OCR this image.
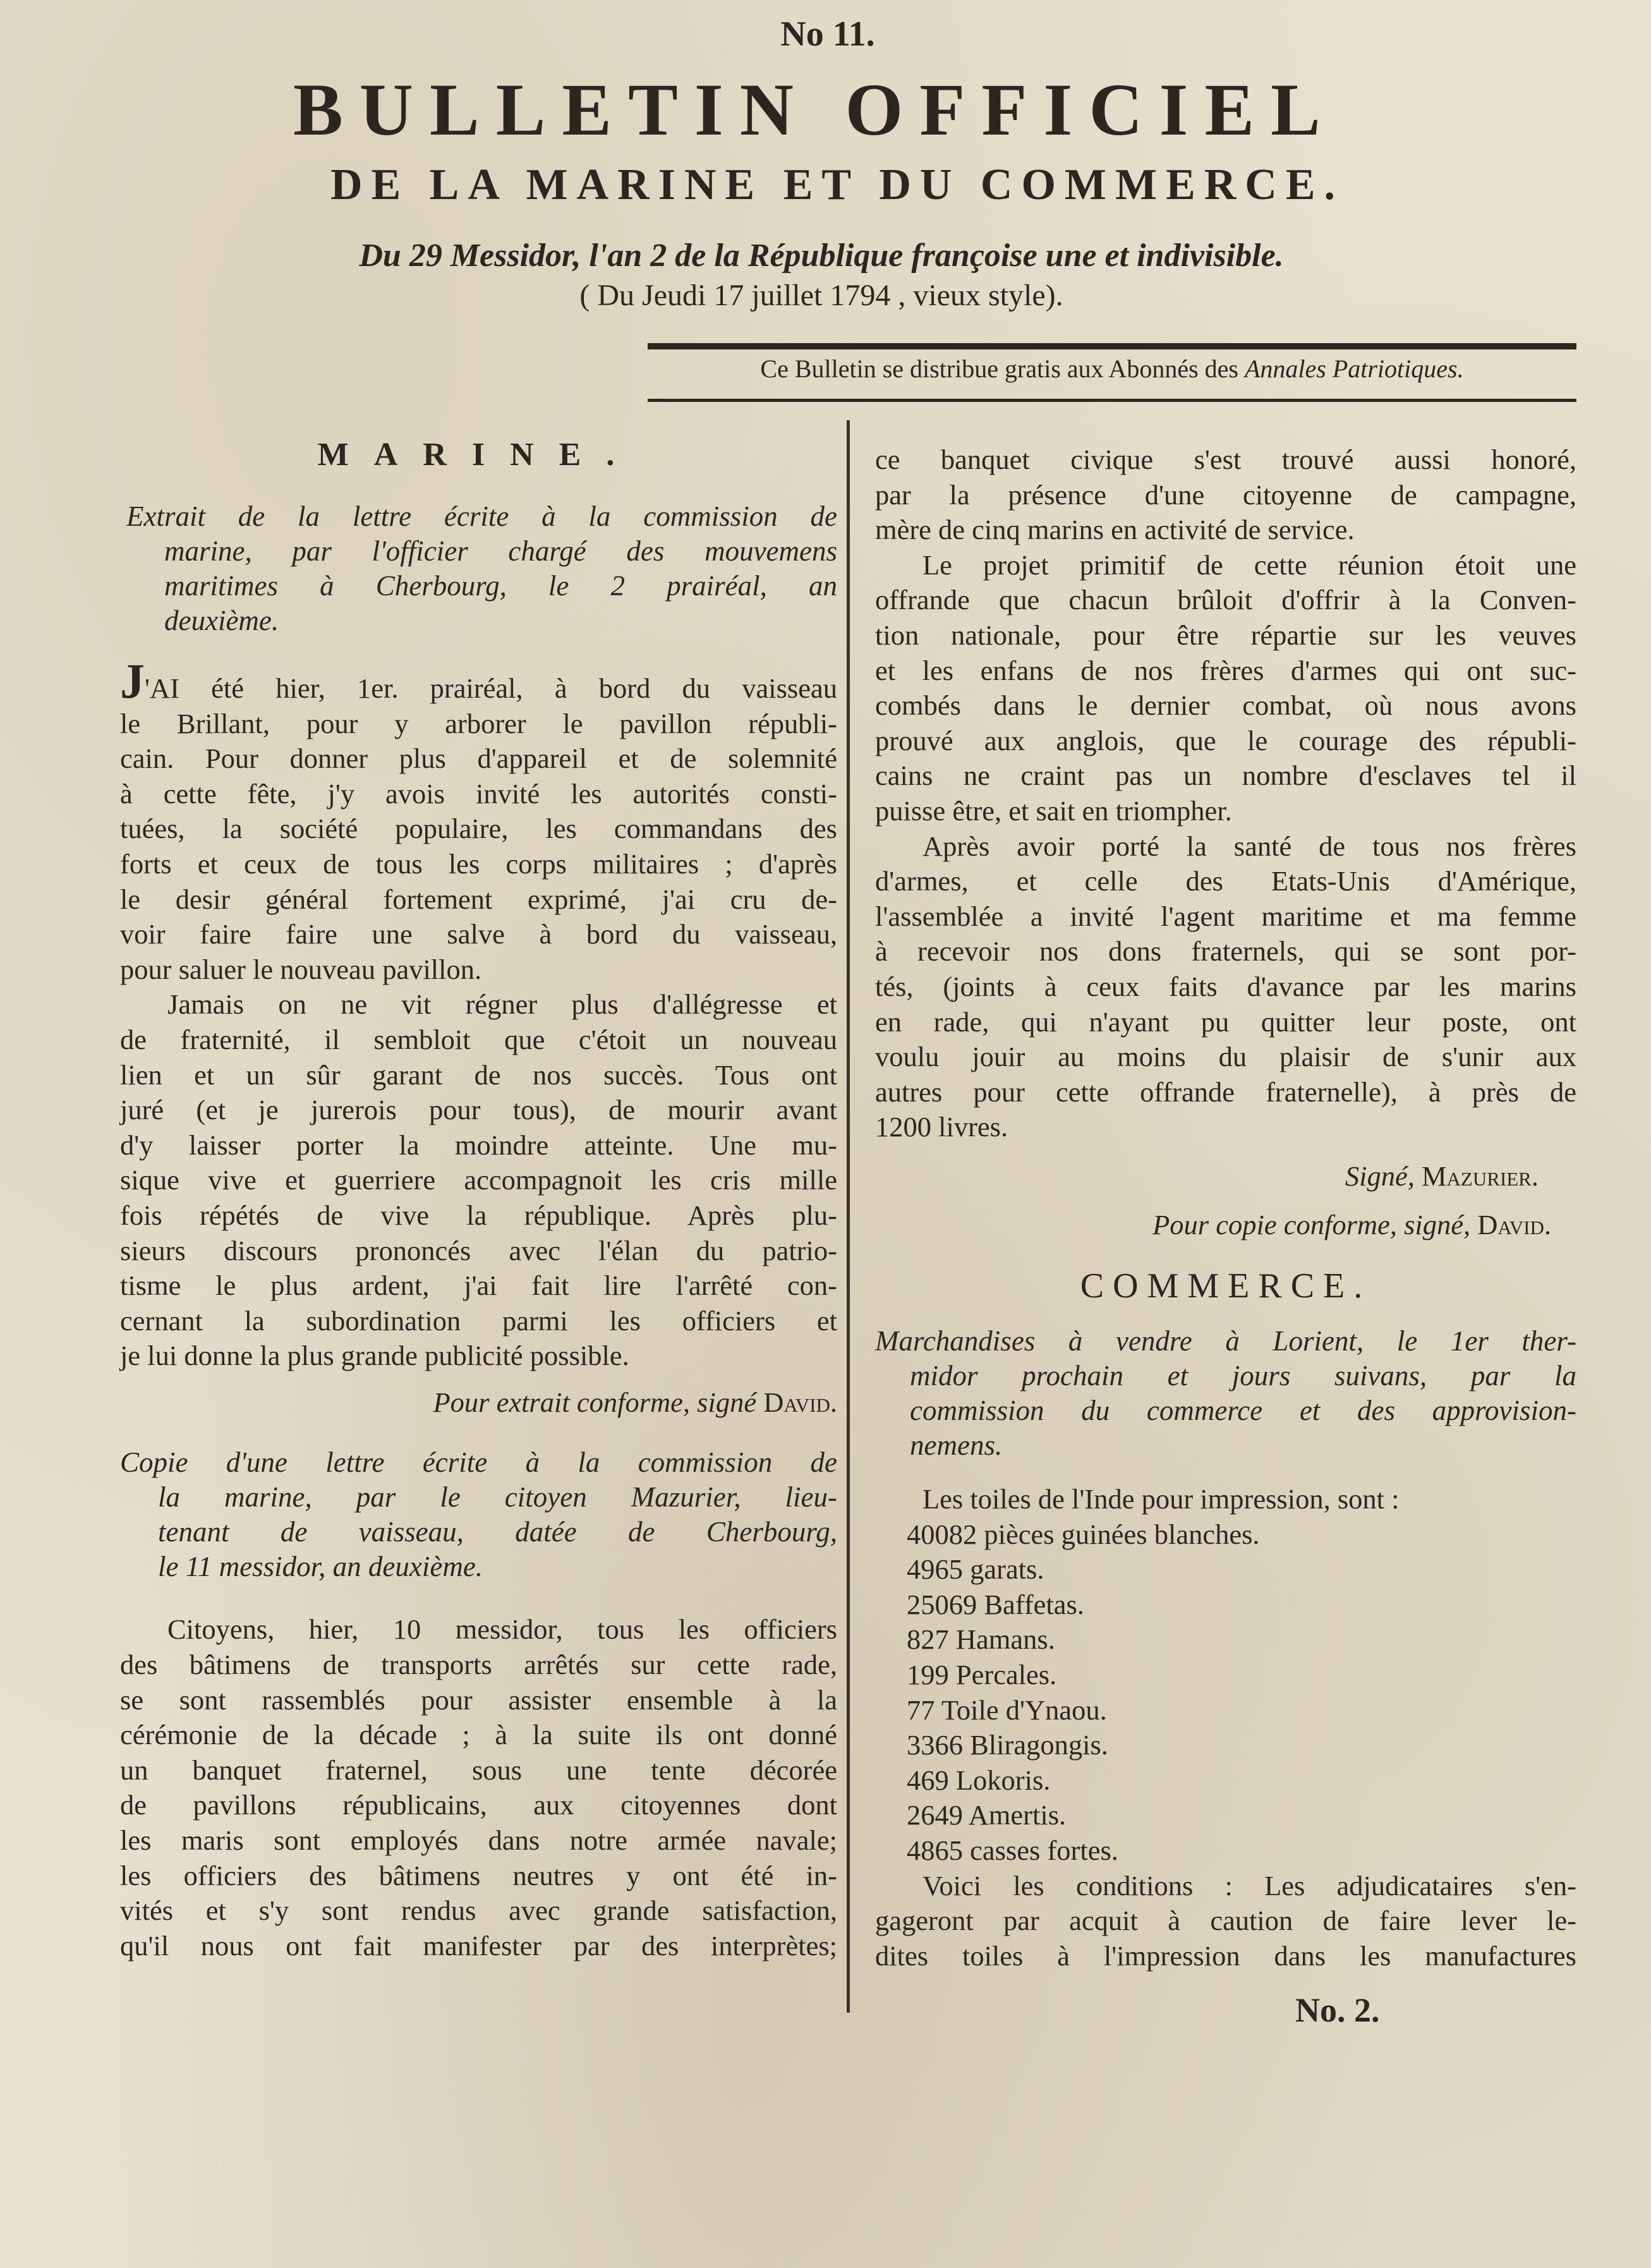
No 11.
BULLETIN OFFICIEL
DE LA MARINE ET DU COMMERCE.
Du 29 Messidor, l'an 2 de la République françoise une et indivisible.
( Du Jeudi 17 juillet 1794 , vieux style).
Ce Bulletin se distribue gratis aux Abonnés des Annales Patriotiques.

MARINE.

Extrait de la lettre écrite à la commission de

marine, par l'officier chargé des mouvemens

maritimes à Cherbourg, le 2 prairéal, an

deuxième.

J'AI été hier, 1er. prairéal, à bord du vaisseau

le Brillant, pour y arborer le pavillon républi-

cain. Pour donner plus d'appareil et de solemnité

à cette fête, j'y avois invité les autorités consti-

tuées, la société populaire, les commandans des

forts et ceux de tous les corps militaires ; d'après

le desir général fortement exprimé, j'ai cru de-

voir faire faire une salve à bord du vaisseau,

pour saluer le nouveau pavillon.

Jamais on ne vit régner plus d'allégresse et

de fraternité, il sembloit que c'étoit un nouveau

lien et un sûr garant de nos succès. Tous ont

juré (et je jurerois pour tous), de mourir avant

d'y laisser porter la moindre atteinte. Une mu-

sique vive et guerriere accompagnoit les cris mille

fois répétés de vive la république. Après plu-

sieurs discours prononcés avec l'élan du patrio-

tisme le plus ardent, j'ai fait lire l'arrêté con-

cernant la subordination parmi les officiers et

je lui donne la plus grande publicité possible.

Pour extrait conforme, signé David.

Copie d'une lettre écrite à la commission de

la marine, par le citoyen Mazurier, lieu-

tenant de vaisseau, datée de Cherbourg,

le 11 messidor, an deuxième.

Citoyens, hier, 10 messidor, tous les officiers

des bâtimens de transports arrêtés sur cette rade,

se sont rassemblés pour assister ensemble à la

cérémonie de la décade ; à la suite ils ont donné

un banquet fraternel, sous une tente décorée

de pavillons républicains, aux citoyennes dont

les maris sont employés dans notre armée navale;

les officiers des bâtimens neutres y ont été in-

vités et s'y sont rendus avec grande satisfaction,

qu'il nous ont fait manifester par des interprètes;

ce banquet civique s'est trouvé aussi honoré,

par la présence d'une citoyenne de campagne,

mère de cinq marins en activité de service.

Le projet primitif de cette réunion étoit une

offrande que chacun brûloit d'offrir à la Conven-

tion nationale, pour être répartie sur les veuves

et les enfans de nos frères d'armes qui ont suc-

combés dans le dernier combat, où nous avons

prouvé aux anglois, que le courage des républi-

cains ne craint pas un nombre d'esclaves tel il

puisse être, et sait en triompher.

Après avoir porté la santé de tous nos frères

d'armes, et celle des Etats-Unis d'Amérique,

l'assemblée a invité l'agent maritime et ma femme

à recevoir nos dons fraternels, qui se sont por-

tés, (joints à ceux faits d'avance par les marins

en rade, qui n'ayant pu quitter leur poste, ont

voulu jouir au moins du plaisir de s'unir aux

autres pour cette offrande fraternelle), à près de

1200 livres.

Signé, Mazurier.

Pour copie conforme, signé, David.

COMMERCE.

Marchandises à vendre à Lorient, le 1er ther-

midor prochain et jours suivans, par la

commission du commerce et des approvision-

nemens.

Les toiles de l'Inde pour impression, sont :

40082 pièces guinées blanches.
4965 garats.
25069 Baffetas.
827 Hamans.
199 Percales.
77 Toile d'Ynaou.
3366 Bliragongis.
469 Lokoris.
2649 Amertis.
4865 casses fortes.

Voici les conditions : Les adjudicataires s'en-

gageront par acquit à caution de faire lever le-

dites toiles à l'impression dans les manufactures

No. 2.
